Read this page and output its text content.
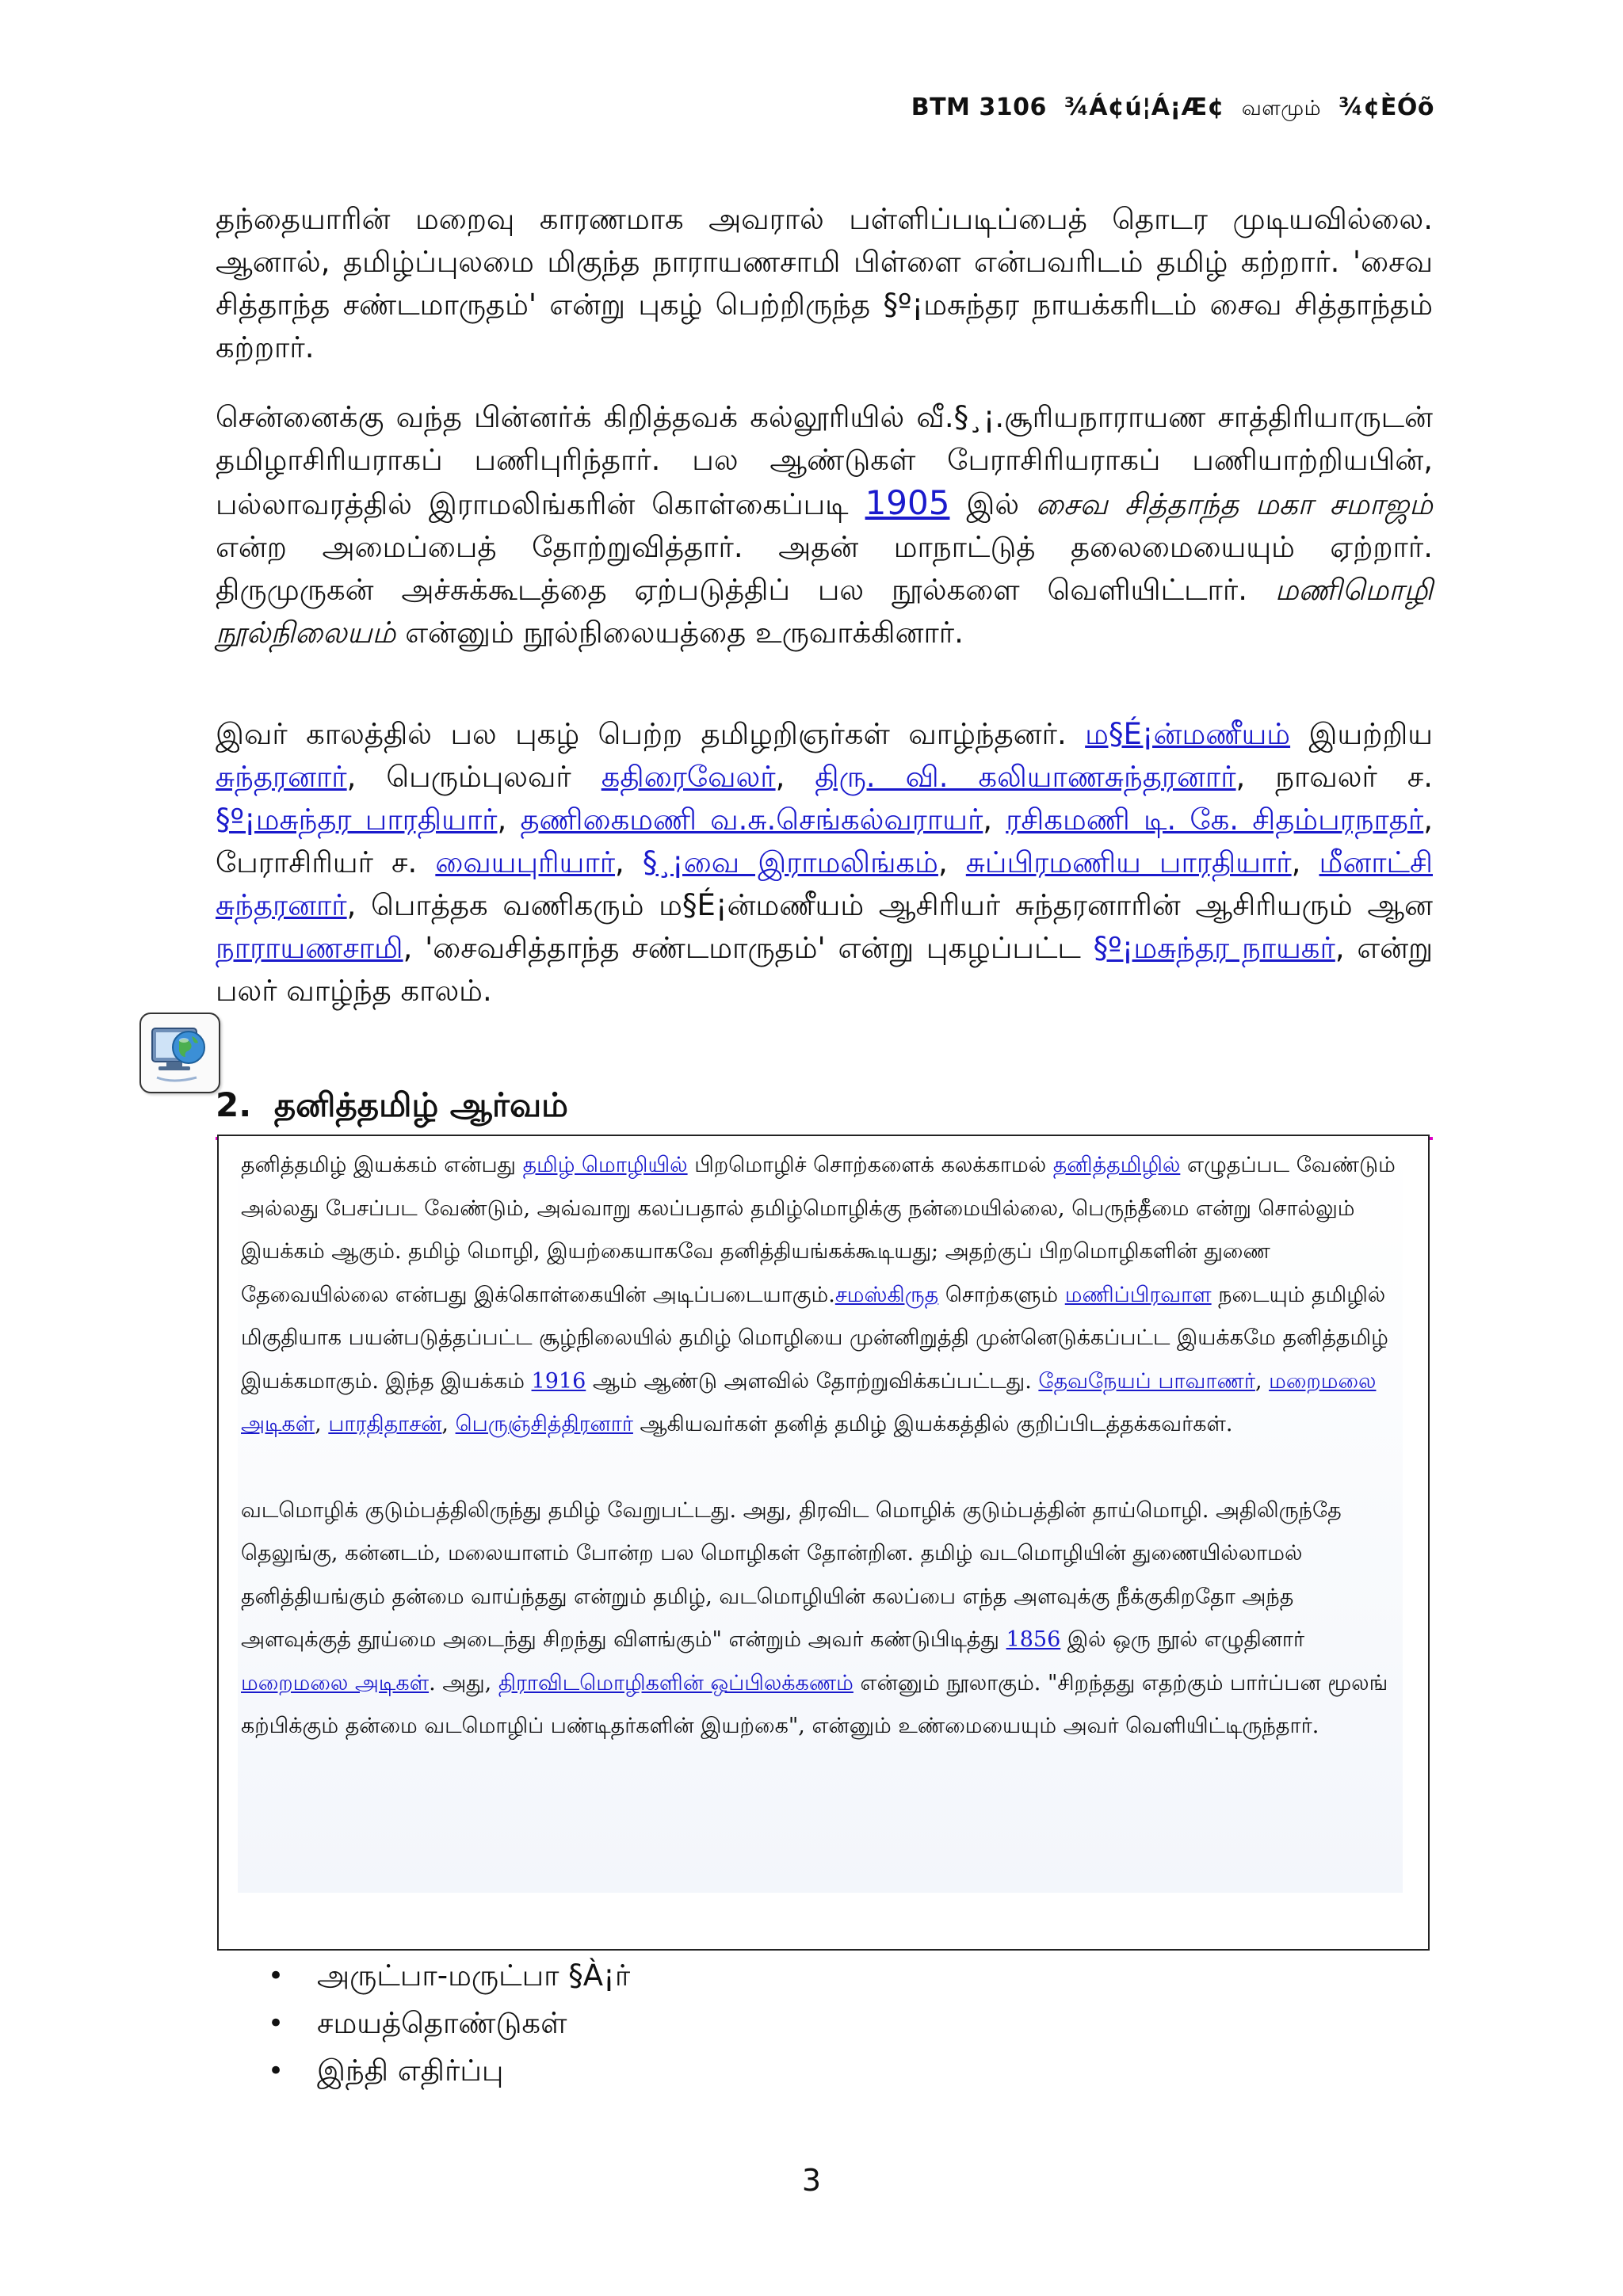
BTM 3106 ¾Á¢ú¦Á¡Æ¢ வளமும் ¾¢ÈÓõ

தந்தையாரின் மறைவு காரணமாக அவரால் பள்ளிப்படிப்பைத் தொடர முடியவில்லை. ஆனால், தமிழ்ப்புலமை மிகுந்த நாராயணசாமி பிள்ளை என்பவரிடம் தமிழ் கற்றார். 'சைவ சித்தாந்த சண்டமாருதம்' என்று புகழ் பெற்றிருந்த §º¡மசுந்தர நாயக்கரிடம் சைவ சித்தாந்தம் கற்றார்.

சென்னைக்கு வந்த பின்னர்க் கிறித்தவக் கல்லூரியில் வீ.§¸¡.சூரியநாராயண சாத்திரியாருடன் தமிழாசிரியராகப் பணிபுரிந்தார். பல ஆண்டுகள் பேராசிரியராகப் பணியாற்றியபின், பல்லாவரத்தில் இராமலிங்கரின் கொள்கைப்படி 1905 இல் சைவ சித்தாந்த மகா சமாஜம் என்ற அமைப்பைத் தோற்றுவித்தார். அதன் மாநாட்டுத் தலைமையையும் ஏற்றார். திருமுருகன் அச்சுக்கூடத்தை ஏற்படுத்திப் பல நூல்களை வெளியிட்டார். மணிமொழி நூல்நிலையம் என்னும் நூல்நிலையத்தை உருவாக்கினார்.

இவர் காலத்தில் பல புகழ் பெற்ற தமிழறிஞர்கள் வாழ்ந்தனர். ம§É¡ன்மணீயம் இயற்றிய சுந்தரனார், பெரும்புலவர் கதிரைவேலர், திரு. வி. கலியாணசுந்தரனார், நாவலர் ச. §º¡மசுந்தர பாரதியார், தணிகைமணி வ.சு.செங்கல்வராயர், ரசிகமணி டி. கே. சிதம்பரநாதர், பேராசிரியர் ச. வையபுரியார், §¸¡வை இராமலிங்கம், சுப்பிரமணிய பாரதியார், மீனாட்சி சுந்தரனார், பொத்தக வணிகரும் ம§É¡ன்மணீயம் ஆசிரியர் சுந்தரனாரின் ஆசிரியரும் ஆன நாராயணசாமி, 'சைவசித்தாந்த சண்டமாருதம்' என்று புகழப்பட்ட §º¡மசுந்தர நாயகர், என்று பலர் வாழ்ந்த காலம்.

2. தனித்தமிழ் ஆர்வம்

தனித்தமிழ் இயக்கம் என்பது தமிழ் மொழியில் பிறமொழிச் சொற்களைக் கலக்காமல் தனித்தமிழில் எழுதப்பட வேண்டும் அல்லது பேசப்பட வேண்டும், அவ்வாறு கலப்பதால் தமிழ்மொழிக்கு நன்மையில்லை, பெருந்தீமை என்று சொல்லும் இயக்கம் ஆகும். தமிழ் மொழி, இயற்கையாகவே தனித்தியங்கக்கூடியது; அதற்குப் பிறமொழிகளின் துணை தேவையில்லை என்பது இக்கொள்கையின் அடிப்படையாகும்.சமஸ்கிருத சொற்களும் மணிப்பிரவாள நடையும் தமிழில் மிகுதியாக பயன்படுத்தப்பட்ட சூழ்நிலையில் தமிழ் மொழியை முன்னிறுத்தி முன்னெடுக்கப்பட்ட இயக்கமே தனித்தமிழ் இயக்கமாகும். இந்த இயக்கம் 1916 ஆம் ஆண்டு அளவில் தோற்றுவிக்கப்பட்டது. தேவநேயப் பாவாணர், மறைமலை அடிகள், பாரதிதாசன், பெருஞ்சித்திரனார் ஆகியவர்கள் தனித் தமிழ் இயக்கத்தில் குறிப்பிடத்தக்கவர்கள்.

வடமொழிக் குடும்பத்திலிருந்து தமிழ் வேறுபட்டது. அது, திரவிட மொழிக் குடும்பத்தின் தாய்மொழி. அதிலிருந்தே தெலுங்கு, கன்னடம், மலையாளம் போன்ற பல மொழிகள் தோன்றின. தமிழ் வடமொழியின் துணையில்லாமல் தனித்தியங்கும் தன்மை வாய்ந்தது என்றும் தமிழ், வடமொழியின் கலப்பை எந்த அளவுக்கு நீக்குகிறதோ அந்த அளவுக்குத் தூய்மை அடைந்து சிறந்து விளங்கும்" என்றும் அவர் கண்டுபிடித்து 1856 இல் ஒரு நூல் எழுதினார் மறைமலை அடிகள். அது, திராவிடமொழிகளின் ஒப்பிலக்கணம் என்னும் நூலாகும். "சிறந்தது எதற்கும் பார்ப்பன மூலங் கற்பிக்கும் தன்மை வடமொழிப் பண்டிதர்களின் இயற்கை", என்னும் உண்மையையும் அவர் வெளியிட்டிருந்தார்.

• அருட்பா-மருட்பா §À¡ர்
• சமயத்தொண்டுகள்
• இந்தி எதிர்ப்பு
3
